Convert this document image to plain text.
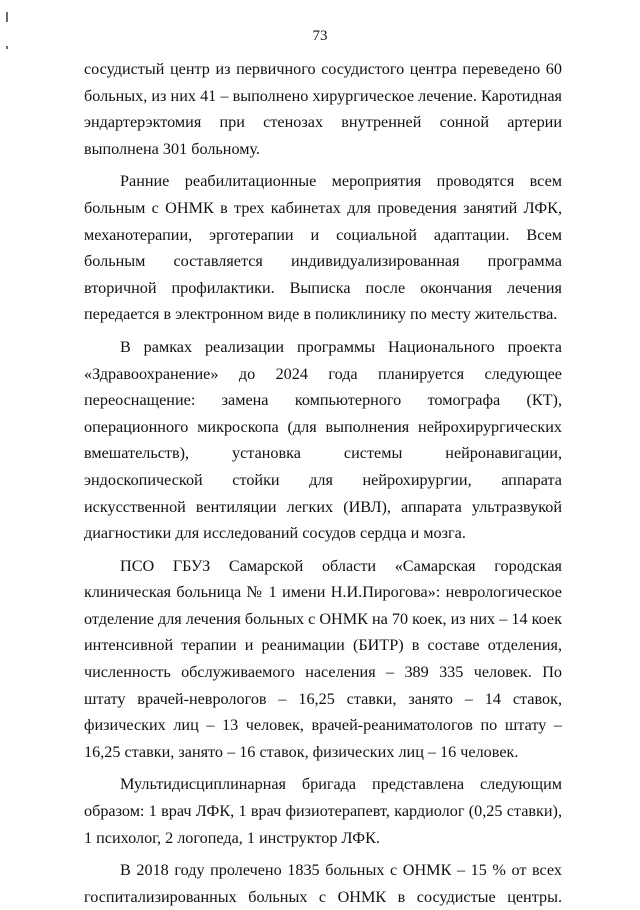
73

сосудистый центр из первичного сосудистого центра переведено 60 больных, из них 41 – выполнено хирургическое лечение. Каротидная эндартерэктомия при стенозах внутренней сонной артерии выполнена 301 больному.

Ранние реабилитационные мероприятия проводятся всем больным с ОНМК в трех кабинетах для проведения занятий ЛФК, механотерапии, эрготерапии и социальной адаптации. Всем больным составляется индивидуализированная программа вторичной профилактики. Выписка после окончания лечения передается в электронном виде в поликлинику по месту жительства.

В рамках реализации программы Национального проекта «Здравоохранение» до 2024 года планируется следующее переоснащение: замена компьютерного томографа (КТ), операционного микроскопа (для выполнения нейрохирургических вмешательств), установка системы нейронавигации, эндоскопической стойки для нейрохирургии, аппарата искусственной вентиляции легких (ИВЛ), аппарата ультразвукой диагностики для исследований сосудов сердца и мозга.

ПСО ГБУЗ Самарской области «Самарская городская клиническая больница № 1 имени Н.И.Пирогова»: неврологическое отделение для лечения больных с ОНМК на 70 коек, из них – 14 коек интенсивной терапии и реанимации (БИТР) в составе отделения, численность обслуживаемого населения – 389 335 человек. По штату врачей-неврологов – 16,25 ставки, занято – 14 ставок, физических лиц – 13 человек, врачей-реаниматологов по штату – 16,25 ставки, занято – 16 ставок, физических лиц – 16 человек.

Мультидисциплинарная бригада представлена следующим образом: 1 врач ЛФК, 1 врач физиотерапевт, кардиолог (0,25 ставки), 1 психолог, 2 логопеда, 1 инструктор ЛФК.

В 2018 году пролечено 1835 больных с ОНМК – 15 % от всех госпитализированных больных с ОНМК в сосудистые центры.
